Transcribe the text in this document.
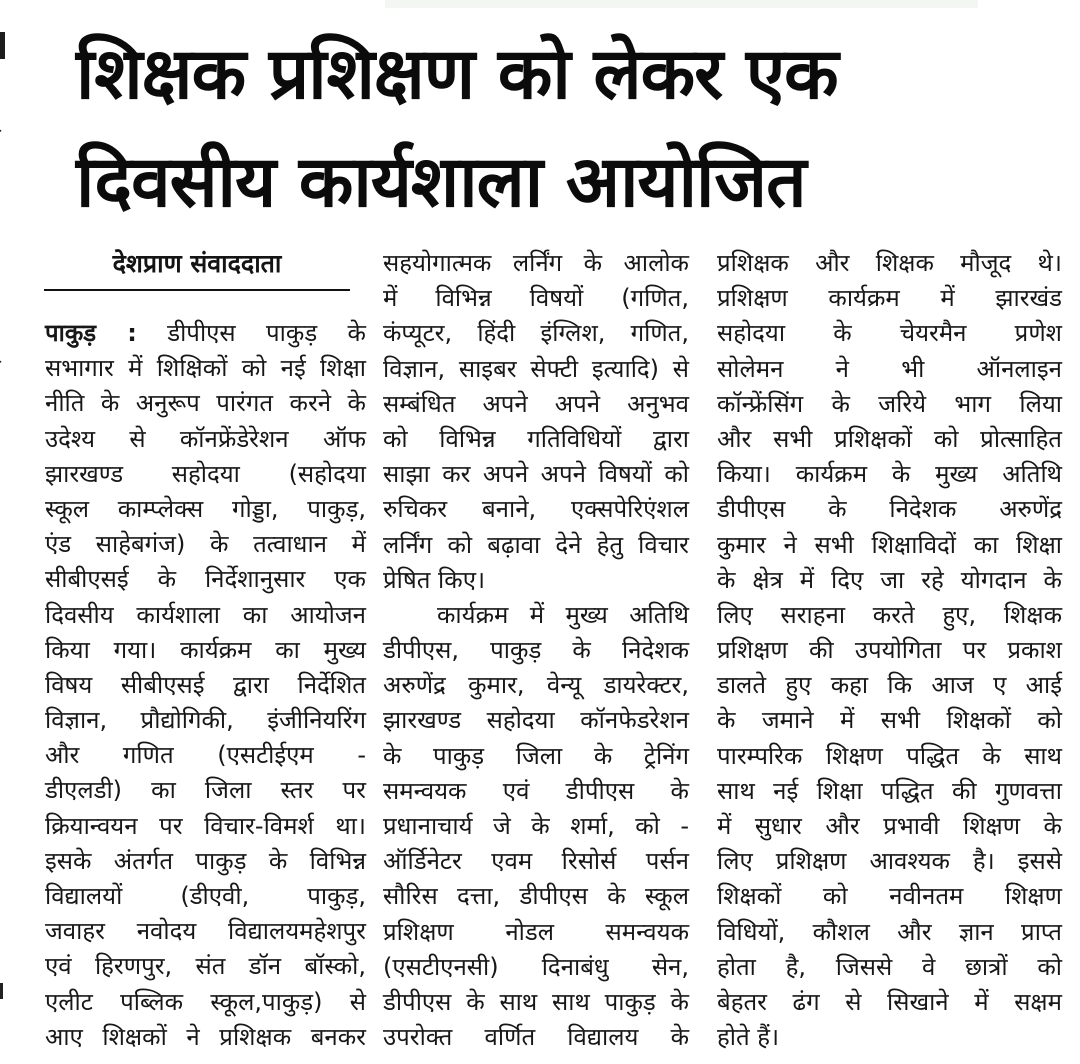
शिक्षक प्रशिक्षण को लेकर एक
दिवसीय कार्यशाला आयोजित
देशप्राण संवाददाता
पाकुड़ : डीपीएस पाकुड़ के
सभागार में शिक्षिकों को नई शिक्षा
नीति के अनुरूप पारंगत करने के
उदेश्य से कॉनफ्रेंडेरेशन ऑफ
झारखण्ड सहोदया (सहोदया
स्कूल काम्प्लेक्स गोड्डा, पाकुड़,
एंड साहेबगंज) के तत्वाधान में
सीबीएसई के निर्देशानुसार एक
दिवसीय कार्यशाला का आयोजन
किया गया। कार्यक्रम का मुख्य
विषय सीबीएसई द्वारा निर्देशित
विज्ञान, प्रौद्योगिकी, इंजीनियरिंग
और गणित (एसटीईएम -
डीएलडी) का जिला स्तर पर
क्रियान्वयन पर विचार-विमर्श था।
इसके अंतर्गत पाकुड़ के विभिन्न
विद्यालयों (डीएवी, पाकुड़,
जवाहर नवोदय विद्यालयमहेशपुर
एवं हिरणपुर, संत डॉन बॉस्को,
एलीट पब्लिक स्कूल,पाकुड़) से
आए शिक्षकों ने प्रशिक्षक बनकर
सहयोगात्मक लर्निंग के आलोक
में विभिन्न विषयों (गणित,
कंप्यूटर, हिंदी इंग्लिश, गणित,
विज्ञान, साइबर सेफ्टी इत्यादि) से
सम्बंधित अपने अपने अनुभव
को विभिन्न गतिविधियों द्वारा
साझा कर अपने अपने विषयों को
रुचिकर बनाने, एक्सपेरिएंशल
लर्निंग को बढ़ावा देने हेतु विचार
प्रेषित किए।
कार्यक्रम में मुख्य अतिथि
डीपीएस, पाकुड़ के निदेशक
अरुणेंद्र कुमार, वेन्यू डायरेक्टर,
झारखण्ड सहोदया कॉनफेडरेशन
के पाकुड़ जिला के ट्रेनिंग
समन्वयक एवं डीपीएस के
प्रधानाचार्य जे के शर्मा, को -
ऑर्डिनेटर एवम रिसोर्स पर्सन
सौरिस दत्ता, डीपीएस के स्कूल
प्रशिक्षण नोडल समन्वयक
(एसटीएनसी) दिनाबंधु सेन,
डीपीएस के साथ साथ पाकुड़ के
उपरोक्त वर्णित विद्यालय के
प्रशिक्षक और शिक्षक मौजूद थे।
प्रशिक्षण कार्यक्रम में झारखंड
सहोदया के चेयरमैन प्रणेश
सोलेमन ने भी ऑनलाइन
कॉन्फ्रेंसिंग के जरिये भाग लिया
और सभी प्रशिक्षकों को प्रोत्साहित
किया। कार्यक्रम के मुख्य अतिथि
डीपीएस के निदेशक अरुणेंद्र
कुमार ने सभी शिक्षाविदों का शिक्षा
के क्षेत्र में दिए जा रहे योगदान के
लिए सराहना करते हुए, शिक्षक
प्रशिक्षण की उपयोगिता पर प्रकाश
डालते हुए कहा कि आज ए आई
के जमाने में सभी शिक्षकों को
पारम्परिक शिक्षण पद्धित के साथ
साथ नई शिक्षा पद्धित की गुणवत्ता
में सुधार और प्रभावी शिक्षण के
लिए प्रशिक्षण आवश्यक है। इससे
शिक्षकों को नवीनतम शिक्षण
विधियों, कौशल और ज्ञान प्राप्त
होता है, जिससे वे छात्रों को
बेहतर ढंग से सिखाने में सक्षम
होते हैं।
